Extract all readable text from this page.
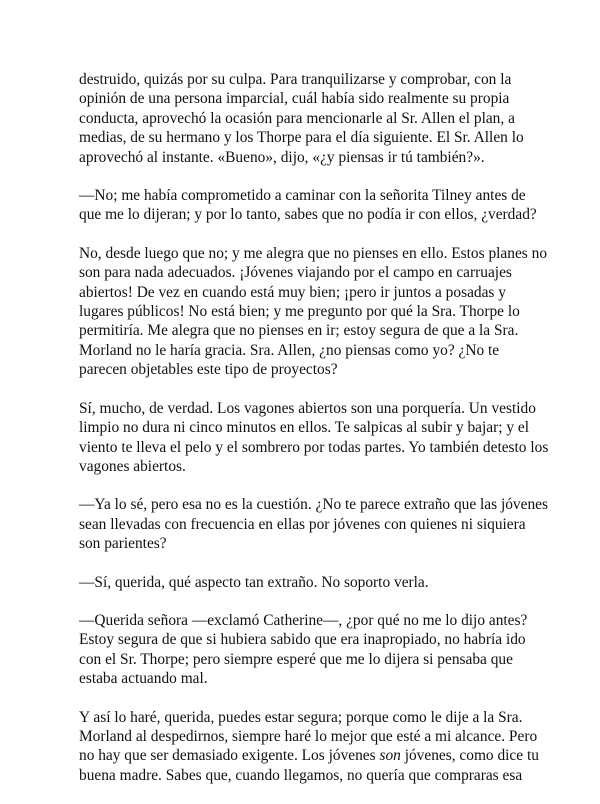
destruido, quizás por su culpa. Para tranquilizarse y comprobar, con la
opinión de una persona imparcial, cuál había sido realmente su propia
conducta, aprovechó la ocasión para mencionarle al Sr. Allen el plan, a
medias, de su hermano y los Thorpe para el día siguiente. El Sr. Allen lo
aprovechó al instante. «Bueno», dijo, «¿y piensas ir tú también?».
—No; me había comprometido a caminar con la señorita Tilney antes de
que me lo dijeran; y por lo tanto, sabes que no podía ir con ellos, ¿verdad?
No, desde luego que no; y me alegra que no pienses en ello. Estos planes no
son para nada adecuados. ¡Jóvenes viajando por el campo en carruajes
abiertos! De vez en cuando está muy bien; ¡pero ir juntos a posadas y
lugares públicos! No está bien; y me pregunto por qué la Sra. Thorpe lo
permitiría. Me alegra que no pienses en ir; estoy segura de que a la Sra.
Morland no le haría gracia. Sra. Allen, ¿no piensas como yo? ¿No te
parecen objetables este tipo de proyectos?
Sí, mucho, de verdad. Los vagones abiertos son una porquería. Un vestido
limpio no dura ni cinco minutos en ellos. Te salpicas al subir y bajar; y el
viento te lleva el pelo y el sombrero por todas partes. Yo también detesto los
vagones abiertos.
—Ya lo sé, pero esa no es la cuestión. ¿No te parece extraño que las jóvenes
sean llevadas con frecuencia en ellas por jóvenes con quienes ni siquiera
son parientes?
—Sí, querida, qué aspecto tan extraño. No soporto verla.
—Querida señora —exclamó Catherine—, ¿por qué no me lo dijo antes?
Estoy segura de que si hubiera sabido que era inapropiado, no habría ido
con el Sr. Thorpe; pero siempre esperé que me lo dijera si pensaba que
estaba actuando mal.
Y así lo haré, querida, puedes estar segura; porque como le dije a la Sra.
Morland al despedirnos, siempre haré lo mejor que esté a mi alcance. Pero
no hay que ser demasiado exigente. Los jóvenes son jóvenes, como dice tu
buena madre. Sabes que, cuando llegamos, no quería que compraras esa
